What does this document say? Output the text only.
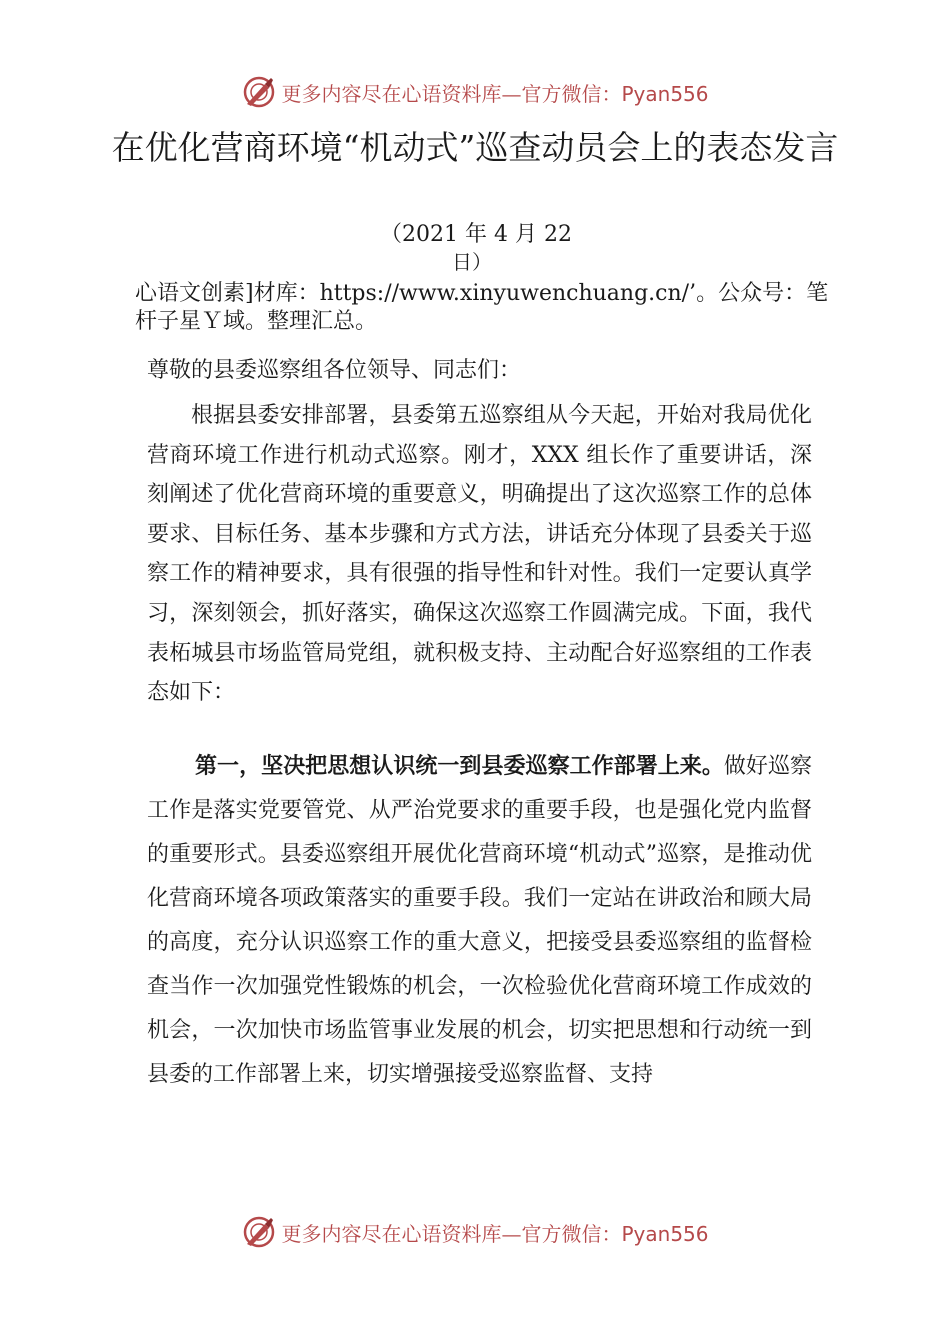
更多内容尽在心语资料库—官方微信：Pyan556
在优化营商环境“机动式”巡查动员会上的表态发言
（2021 年 4 月 22
日）

心语文创素]材库：https://www.xinyuwenchuang.cn/’。公众号：笔杆子星Ｙ域。整理汇总。

尊敬的县委巡察组各位领导、同志们：

根据县委安排部署，县委第五巡察组从今天起，开始对我局优化营商环境工作进行机动式巡察。刚才，XXX 组长作了重要讲话，深刻阐述了优化营商环境的重要意义，明确提出了这次巡察工作的总体要求、目标任务、基本步骤和方式方法，讲话充分体现了县委关于巡察工作的精神要求，具有很强的指导性和针对性。我们一定要认真学习，深刻领会，抓好落实，确保这次巡察工作圆满完成。下面，我代表柘城县市场监管局党组，就积极支持、主动配合好巡察组的工作表态如下：

第一，坚决把思想认识统一到县委巡察工作部署上来。做好巡察工作是落实党要管党、从严治党要求的重要手段，也是强化党内监督的重要形式。县委巡察组开展优化营商环境“机动式”巡察，是推动优化营商环境各项政策落实的重要手段。我们一定站在讲政治和顾大局的高度，充分认识巡察工作的重大意义，把接受县委巡察组的监督检查当作一次加强党性锻炼的机会，一次检验优化营商环境工作成效的机会，一次加快市场监管事业发展的机会，切实把思想和行动统一到县委的工作部署上来，切实增强接受巡察监督、支持

更多内容尽在心语资料库—官方微信：Pyan556
